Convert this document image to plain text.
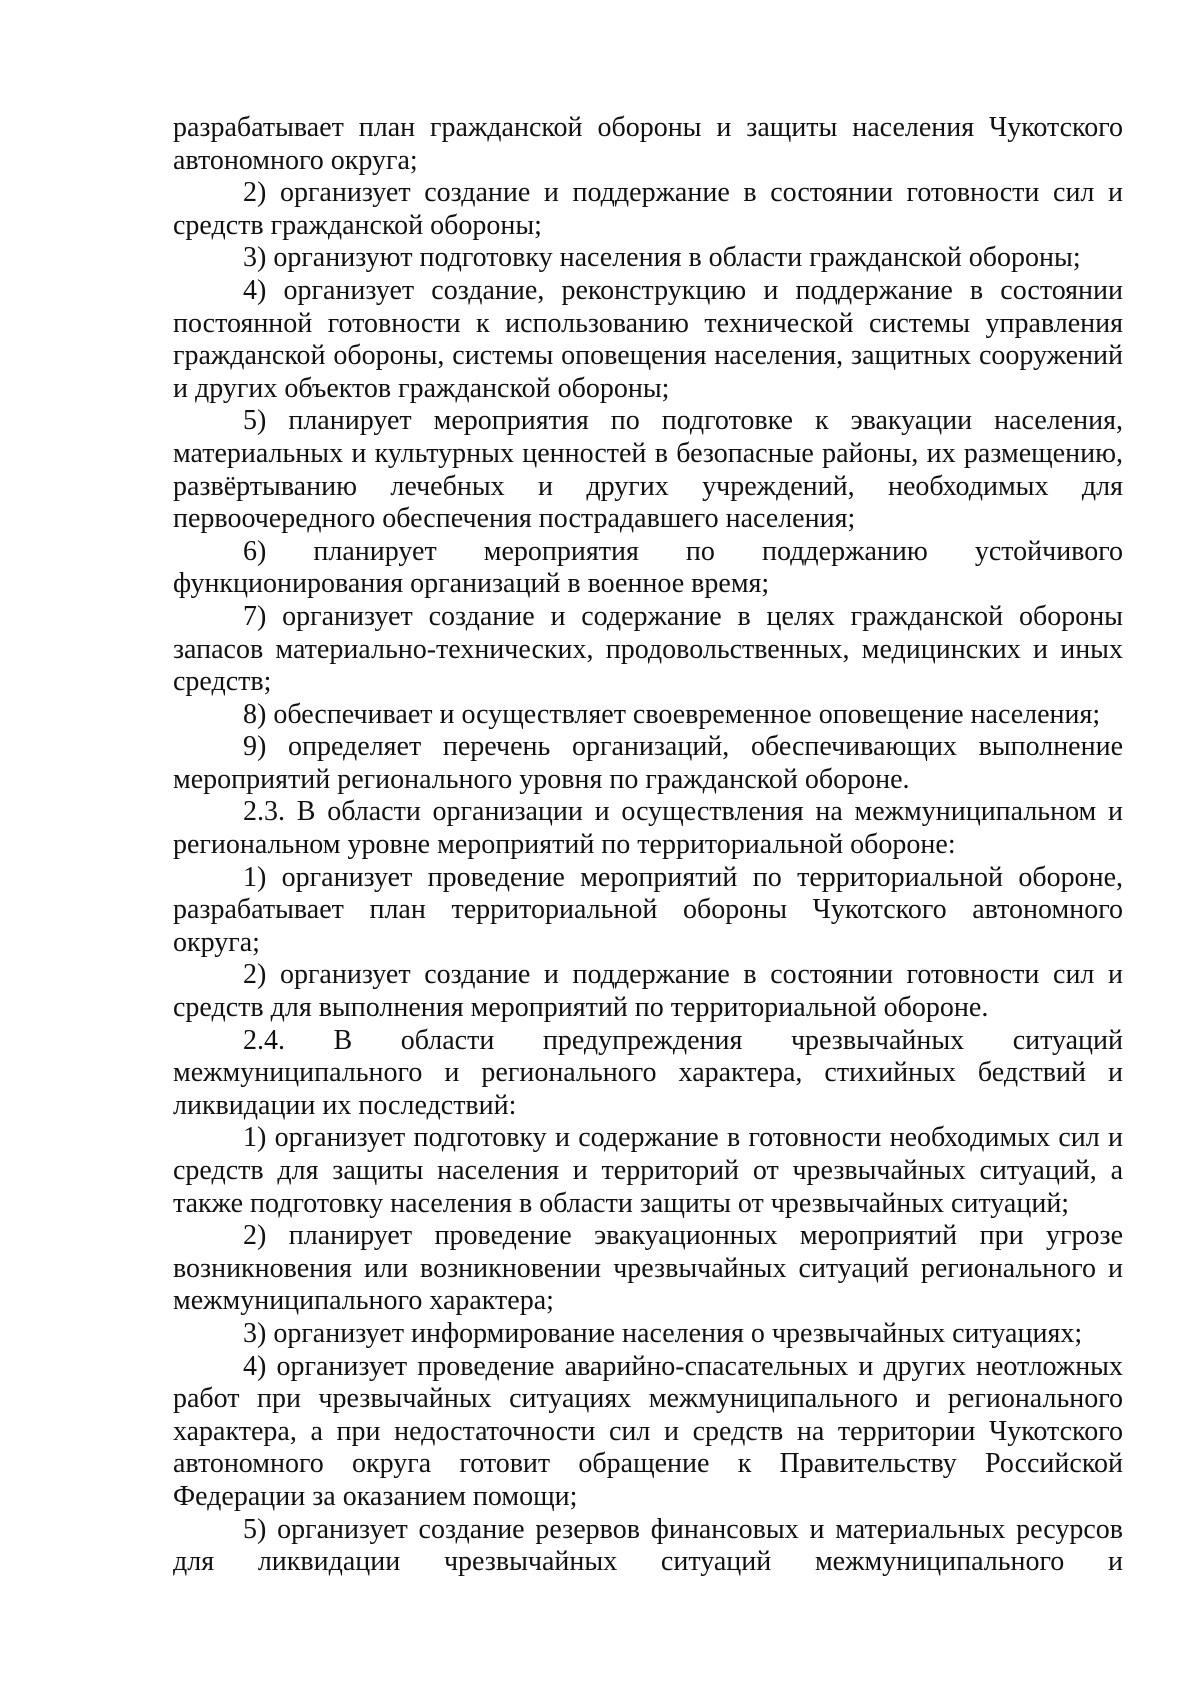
разрабатывает план гражданской обороны и защиты населения Чукотского автономного округа;

2) организует создание и поддержание в состоянии готовности сил и средств гражданской обороны;

3) организуют подготовку населения в области гражданской обороны;

4) организует создание, реконструкцию и поддержание в состоянии постоянной готовности к использованию технической системы управления гражданской обороны, системы оповещения населения, защитных сооружений и других объектов гражданской обороны;

5) планирует мероприятия по подготовке к эвакуации населения, материальных и культурных ценностей в безопасные районы, их размещению, развёртыванию лечебных и других учреждений, необходимых для первоочередного обеспечения пострадавшего населения;

6) планирует мероприятия по поддержанию устойчивого функционирования организаций в военное время;

7) организует создание и содержание в целях гражданской обороны запасов материально-технических, продовольственных, медицинских и иных средств;

8) обеспечивает и осуществляет своевременное оповещение населения;

9) определяет перечень организаций, обеспечивающих выполнение мероприятий регионального уровня по гражданской обороне.

2.3. В области организации и осуществления на межмуниципальном и региональном уровне мероприятий по территориальной обороне:

1) организует проведение мероприятий по территориальной обороне, разрабатывает план территориальной обороны Чукотского автономного округа;

2) организует создание и поддержание в состоянии готовности сил и средств для выполнения мероприятий по территориальной обороне.

2.4. В области предупреждения чрезвычайных ситуаций межмуниципального и регионального характера, стихийных бедствий и ликвидации их последствий:

1) организует подготовку и содержание в готовности необходимых сил и средств для защиты населения и территорий от чрезвычайных ситуаций, а также подготовку населения в области защиты от чрезвычайных ситуаций;

2) планирует проведение эвакуационных мероприятий при угрозе возникновения или возникновении чрезвычайных ситуаций регионального и межмуниципального характера;

3) организует информирование населения о чрезвычайных ситуациях;

4) организует проведение аварийно-спасательных и других неотложных работ при чрезвычайных ситуациях межмуниципального и регионального характера, а при недостаточности сил и средств на территории Чукотского автономного округа готовит обращение к Правительству Российской Федерации за оказанием помощи;

5) организует создание резервов финансовых и материальных ресурсов для ликвидации чрезвычайных ситуаций межмуниципального и
